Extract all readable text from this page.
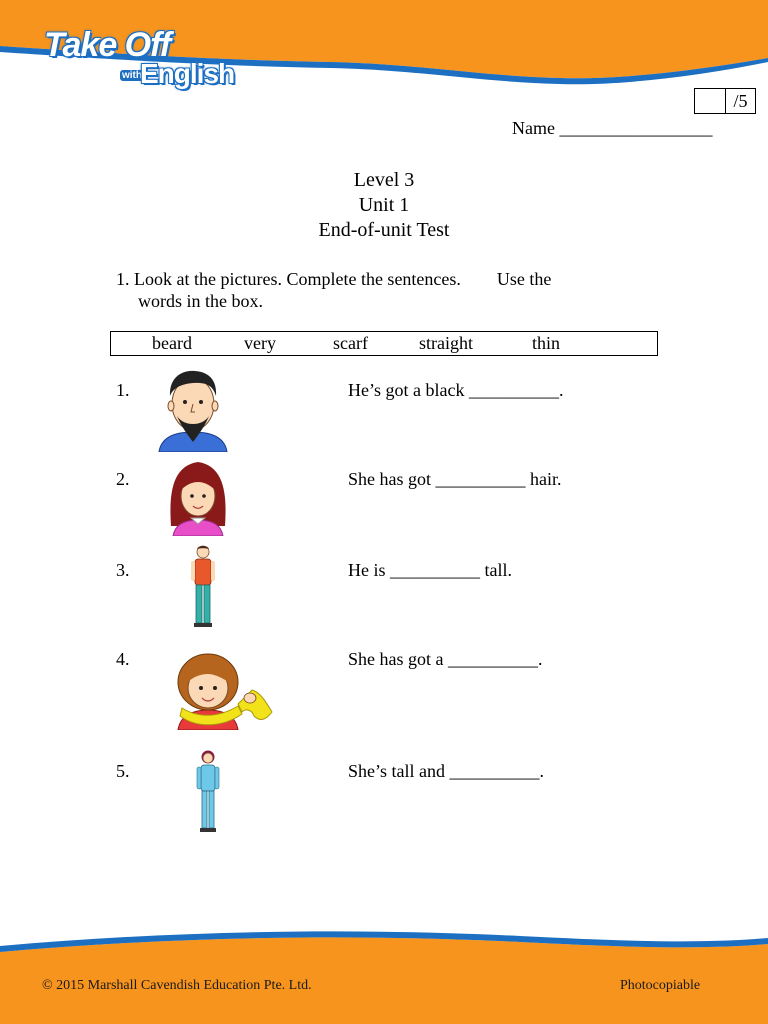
Take Off
with
English
/5
Name _________________
Level 3
Unit 1
End-of-unit Test
1. Look at the pictures. Complete the sentences.        Use the
words in the box.
beard	very	scarf	straight	thin
1.	He’s got a black __________.
2.	She has got __________ hair.
3.	He is __________ tall.
4.	She has got a __________.
5.	She’s tall and __________.
© 2015 Marshall Cavendish Education Pte. Ltd.	Photocopiable
